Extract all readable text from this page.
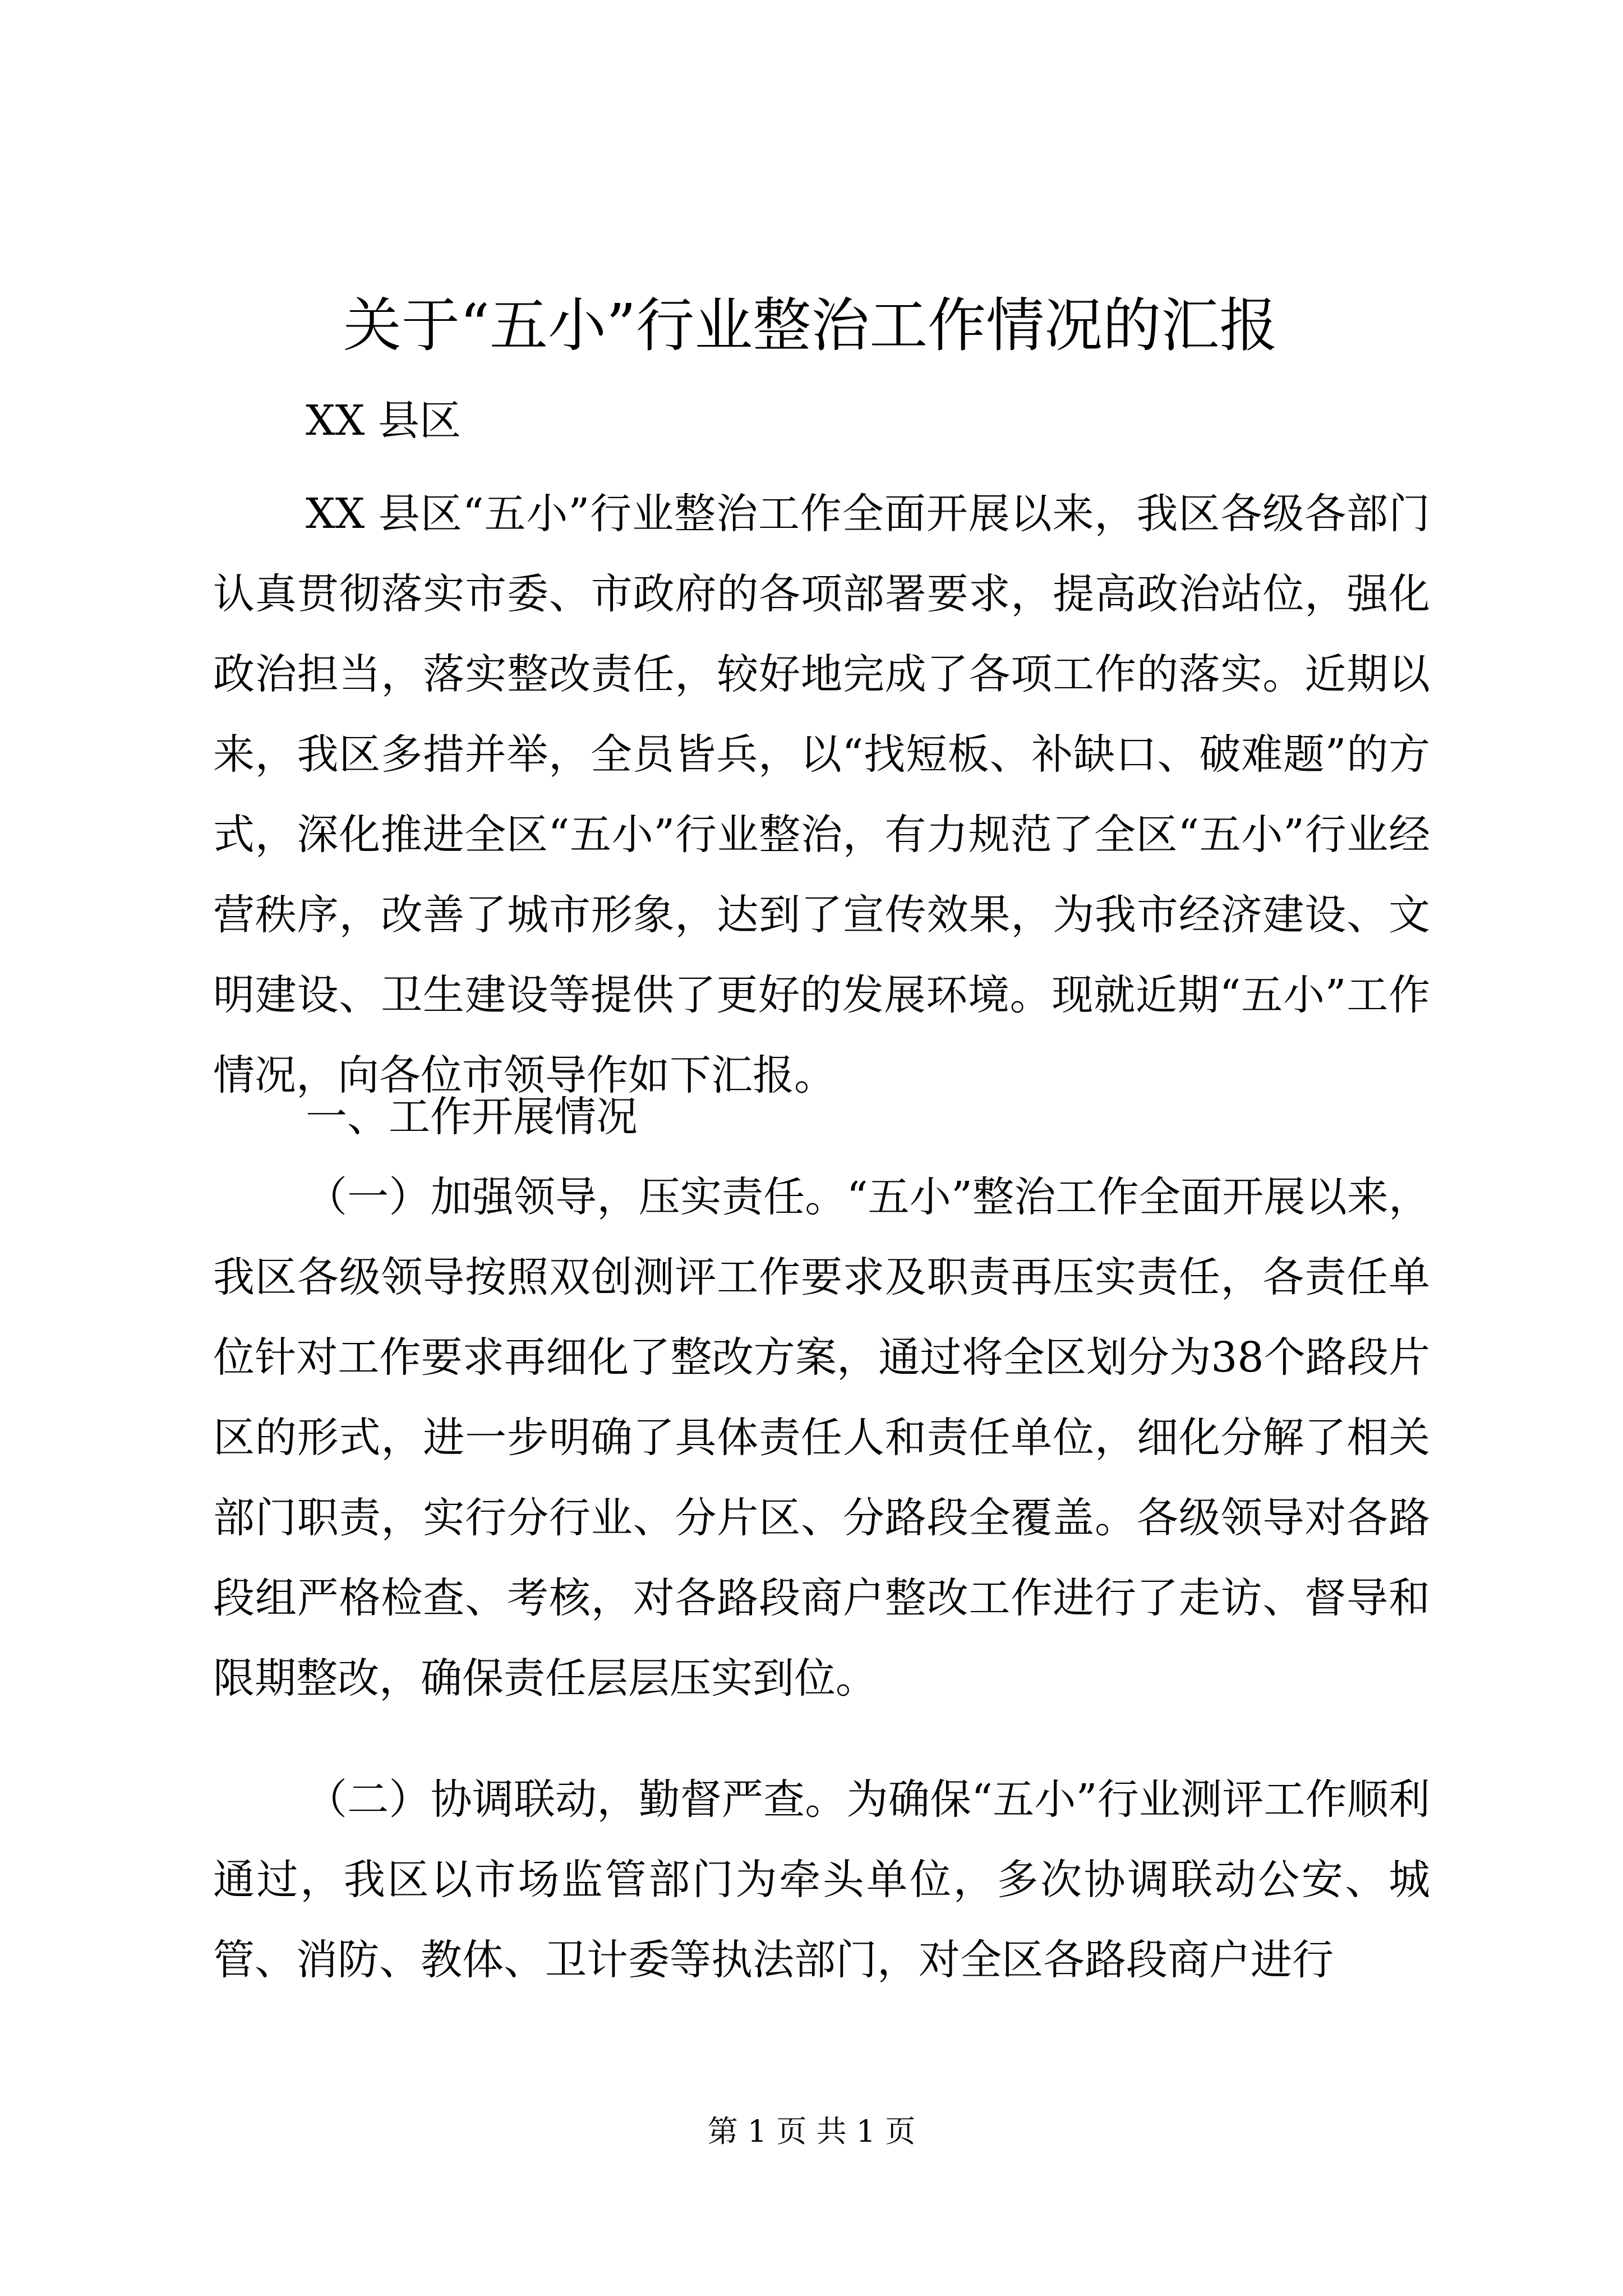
关于“五小”行业整治工作情况的汇报

XX 县区

XX 县区“五小”行业整治工作全面开展以来，我区各级各部门认真贯彻落实市委、市政府的各项部署要求，提高政治站位，强化政治担当，落实整改责任，较好地完成了各项工作的落实。近期以来，我区多措并举，全员皆兵，以“找短板、补缺口、破难题”的方式，深化推进全区“五小”行业整治，有力规范了全区“五小”行业经营秩序，改善了城市形象，达到了宣传效果，为我市经济建设、文明建设、卫生建设等提供了更好的发展环境。现就近期“五小”工作情况，向各位市领导作如下汇报。

一、工作开展情况

（一）加强领导，压实责任。“五小”整治工作全面开展以来，我区各级领导按照双创测评工作要求及职责再压实责任，各责任单位针对工作要求再细化了整改方案，通过将全区划分为38个路段片区的形式，进一步明确了具体责任人和责任单位，细化分解了相关部门职责，实行分行业、分片区、分路段全覆盖。各级领导对各路段组严格检查、考核，对各路段商户整改工作进行了走访、督导和限期整改，确保责任层层压实到位。

（二）协调联动，勤督严查。为确保“五小”行业测评工作顺利通过，我区以市场监管部门为牵头单位，多次协调联动公安、城管、消防、教体、卫计委等执法部门，对全区各路段商户进行

第 1 页 共 1 页
